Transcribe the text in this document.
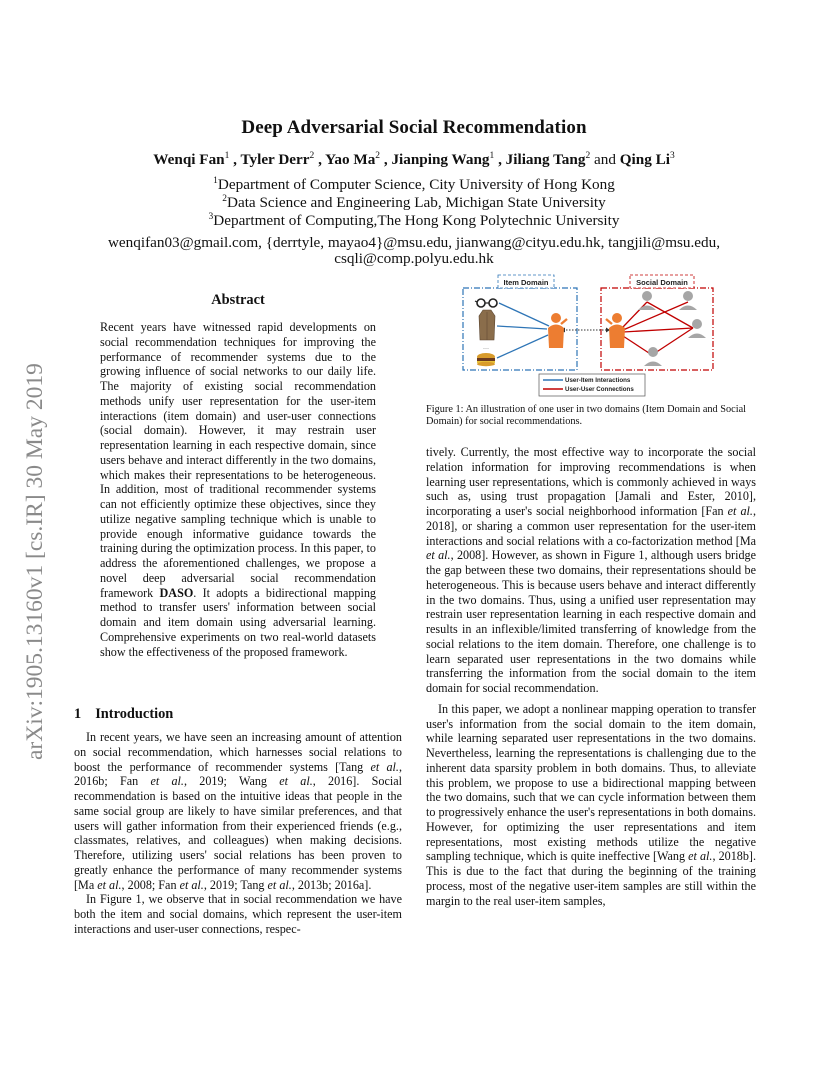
arXiv:1905.13160v1 [cs.IR] 30 May 2019
Deep Adversarial Social Recommendation
Wenqi Fan$^1$ , Tyler Derr$^2$ , Yao Ma$^2$ , Jianping Wang$^1$ , Jiliang Tang$^2$ and Qing Li$^3$
$^1$Department of Computer Science, City University of Hong Kong
$^2$Data Science and Engineering Lab, Michigan State University
$^3$Department of Computing,The Hong Kong Polytechnic University
wenqifan03@gmail.com, {derrtyle, mayao4}@msu.edu, jianwang@cityu.edu.hk, tangjili@msu.edu,
csqli@comp.polyu.edu.hk
Abstract
Recent years have witnessed rapid developments on social recommendation techniques for improving the performance of recommender systems due to the growing influence of social networks to our daily life. The majority of existing social recommendation methods unify user representation for the user-item interactions (item domain) and user-user connections (social domain). However, it may restrain user representation learning in each respective domain, since users behave and interact differently in the two domains, which makes their representations to be heterogeneous. In addition, most of traditional recommender systems can not efficiently optimize these objectives, since they utilize negative sampling technique which is unable to provide enough informative guidance towards the training during the optimization process. In this paper, to address the aforementioned challenges, we propose a novel deep adversarial social recommendation framework DASO. It adopts a bidirectional mapping method to transfer users' information between social domain and item domain using adversarial learning. Comprehensive experiments on two real-world datasets show the effectiveness of the proposed framework.
1 Introduction
In recent years, we have seen an increasing amount of attention on social recommendation, which harnesses social relations to boost the performance of recommender systems [Tang et al., 2016b; Fan et al., 2019; Wang et al., 2016]. Social recommendation is based on the intuitive ideas that people in the same social group are likely to have similar preferences, and that users will gather information from their experienced friends (e.g., classmates, relatives, and colleagues) when making decisions. Therefore, utilizing users' social relations has been proven to greatly enhance the performance of many recommender systems [Ma et al., 2008; Fan et al., 2019; Tang et al., 2013b; 2016a].
In Figure 1, we observe that in social recommendation we have both the item and social domains, which represent the user-item interactions and user-user connections, respec-
Item Domain	Social Domain
…
User-Item Interactions
User-User Connections
Figure 1: An illustration of one user in two domains (Item Domain and Social Domain) for social recommendations.
tively. Currently, the most effective way to incorporate the social relation information for improving recommendations is when learning user representations, which is commonly achieved in ways such as, using trust propagation [Jamali and Ester, 2010], incorporating a user's social neighborhood information [Fan et al., 2018], or sharing a common user representation for the user-item interactions and social relations with a co-factorization method [Ma et al., 2008]. However, as shown in Figure 1, although users bridge the gap between these two domains, their representations should be heterogeneous. This is because users behave and interact differently in the two domains. Thus, using a unified user representation may restrain user representation learning in each respective domain and results in an inflexible/limited transferring of knowledge from the social relations to the item domain. Therefore, one challenge is to learn separated user representations in the two domains while transferring the information from the social domain to the item domain for social recommendation.
In this paper, we adopt a nonlinear mapping operation to transfer user's information from the social domain to the item domain, while learning separated user representations in the two domains. Nevertheless, learning the representations is challenging due to the inherent data sparsity problem in both domains. Thus, to alleviate this problem, we propose to use a bidirectional mapping between the two domains, such that we can cycle information between them to progressively enhance the user's representations in both domains. However, for optimizing the user representations and item representations, most existing methods utilize the negative sampling technique, which is quite ineffective [Wang et al., 2018b]. This is due to the fact that during the beginning of the training process, most of the negative user-item samples are still within the margin to the real user-item samples,
